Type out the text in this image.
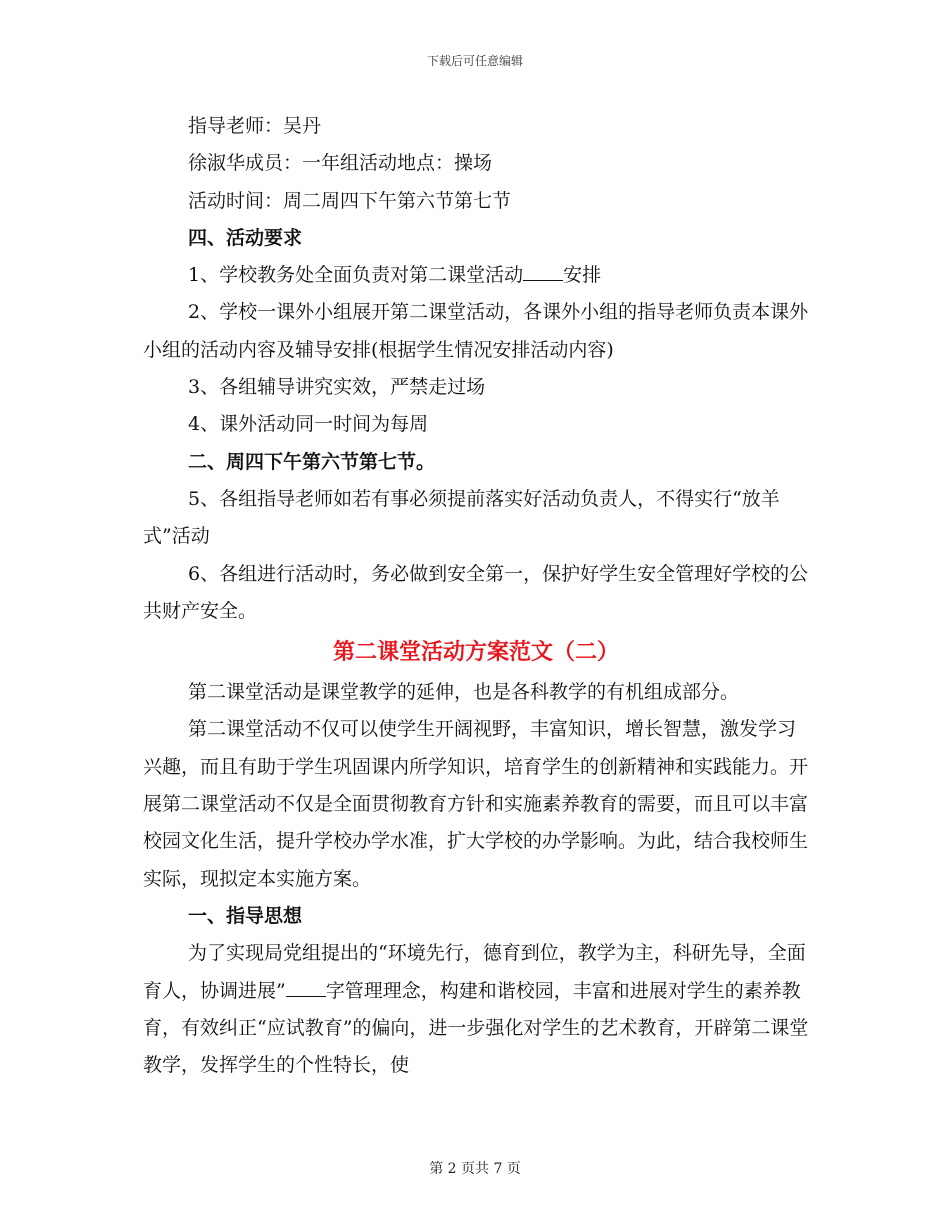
下载后可任意编辑

指导老师：吴丹

徐淑华成员：一年组活动地点：操场

活动时间：周二周四下午第六节第七节

四、活动要求

1、学校教务处全面负责对第二课堂活动 安排

2、学校一课外小组展开第二课堂活动，各课外小组的指导老师负责本课外小组的活动内容及辅导安排(根据学生情况安排活动内容)

3、各组辅导讲究实效，严禁走过场

4、课外活动同一时间为每周

二、周四下午第六节第七节。

5、各组指导老师如若有事必须提前落实好活动负责人，不得实行“放羊式”活动

6、各组进行活动时，务必做到安全第一，保护好学生安全管理好学校的公共财产安全。

第二课堂活动方案范文（二）

第二课堂活动是课堂教学的延伸，也是各科教学的有机组成部分。

第二课堂活动不仅可以使学生开阔视野，丰富知识，增长智慧，激发学习兴趣，而且有助于学生巩固课内所学知识，培育学生的创新精神和实践能力。开展第二课堂活动不仅是全面贯彻教育方针和实施素养教育的需要，而且可以丰富校园文化生活，提升学校办学水准，扩大学校的办学影响。为此，结合我校师生实际，现拟定本实施方案。

一、指导思想

为了实现局党组提出的“环境先行，德育到位，教学为主，科研先导，全面育人，协调进展” 字管理理念，构建和谐校园，丰富和进展对学生的素养教育，有效纠正“应试教育”的偏向，进一步强化对学生的艺术教育，开辟第二课堂教学，发挥学生的个性特长，使

第 2 页共 7 页
